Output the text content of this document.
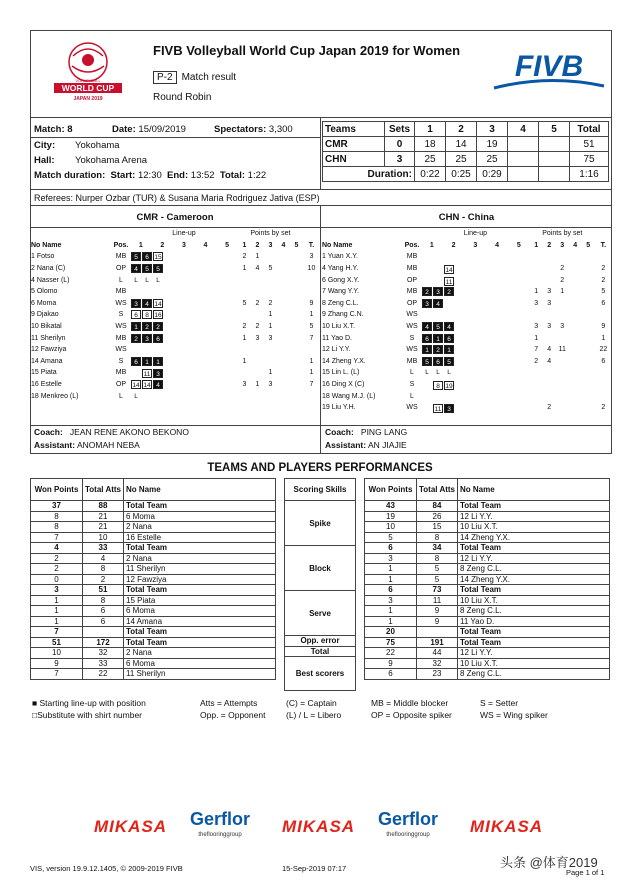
VOLLEYBALL
WORLD CUP
JAPAN 2019
FIVB Volleyball World Cup Japan 2019 for Women
P-2 Match result
Round Robin
FIVB
Match: 8	Date: 15/09/2019	Spectators: 3,300
City: Yokohama
Hall: Yokohama Arena
Match duration: Start: 12:30 End: 13:52 Total: 1:22
Teams	Sets	1	2	3	4	5	Total
CMR	0	18	14	19			51
CHN	3	25	25	25			75
Duration:		0:22	0:25	0:29			1:16
Referees: Nurper Ozbar (TUR) & Susana Maria Rodriguez Jativa (ESP)
CMR - Cameroon
		Line-up					Points by set					
No Name	Pos.	1	2	3	4	5	1	2	3	4	5	T.
1 Fotso	MB	5 6 15					2	1				3
2 Nana (C)	OP	4 5 5					1	4	5			10
4 Nasser (L)	L	L L L										
5 Olomo	MB											
6 Moma	WS	3 4 14					5	2	2			9
9 Djakao	S	6 8 16							1			1
10 Bikatal	WS	1 2 2					2	2	1			5
11 Sherilyn	MB	2 3 6					1	3	3			7
12 Fawziya	WS											
14 Amana	S	6 1 1					1					1
15 Piata	MB	11 3							1			1
16 Estelle	OP	14 14 4					3	1	3			7
18 Menkreo (L)	L	L										
CHN - China
		Line-up					Points by set					
No Name	Pos.	1	2	3	4	5	1	2	3	4	5	T.
1 Yuan X.Y.	MB											
4 Yang H.Y.	MB	14							2			2
6 Gong X.Y.	OP	11							2			2
7 Wang Y.Y.	MB	2 3 2					1	3	1			5
8 Zeng C.L.	OP	3 4					3	3				6
9 Zhang C.N.	WS											
10 Liu X.T.	WS	4 5 4					3	3	3			9
11 Yao D.	S	6 1 6					1					1
12 Li Y.Y.	WS	1 2 1					7	4	11			22
14 Zheng Y.X.	MB	5 6 5					2	4				6
15 Lin L. (L)	L	L L L										
16 Ding X (C)	S	8 19										
18 Wang M.J. (L)	L											
19 Liu Y.H.	WS	11 3						2				2
Coach: JEAN RENE AKONO BEKONO
Assistant: ANOMAH NEBA
Coach: PING LANG
Assistant: AN JIAJIE
TEAMS AND PLAYERS PERFORMANCES
Won Points	Total Atts	No Name
37	88	Total Team
8	21	6 Moma
8	21	2 Nana
7	10	16 Estelle
4	33	Total Team
2	4	2 Nana
2	8	11 Sherilyn
0	2	12 Fawziya
3	51	Total Team
1	8	15 Piata
1	6	6 Moma
1	6	14 Amana
7		Total Team
51	172	Total Team
10	32	2 Nana
9	33	6 Moma
7	22	11 Sherilyn
Scoring Skills
Spike
Block
Serve
Opp. error
Total
Best scorers
Won Points	Total Atts	No Name
43	84	Total Team
19	26	12 Li Y.Y.
10	15	10 Liu X.T.
5	8	14 Zheng Y.X.
6	34	Total Team
3	8	12 Li Y.Y.
1	5	8 Zeng C.L.
1	5	14 Zheng Y.X.
6	73	Total Team
3	11	10 Liu X.T.
1	9	8 Zeng C.L.
1	9	11 Yao D.
20		Total Team
75	191	Total Team
22	44	12 Li Y.Y.
9	32	10 Liu X.T.
6	23	8 Zeng C.L.
■ Starting line-up with position
□Substitute with shirt number
Atts = Attempts
Opp. = Opponent
(C) = Captain
(L) / L = Libero
MB = Middle blocker
OP = Opposite spiker
S = Setter
WS = Wing spiker
MIKASA Gerflor
theflooringgroup	MIKASA Gerflor
theflooringgroup	MIKASA
VIS, version 19.9.12.1405, © 2009-2019 FIVB	15-Sep-2019 07:17	头条 @体育2019
Page 1 of 1
